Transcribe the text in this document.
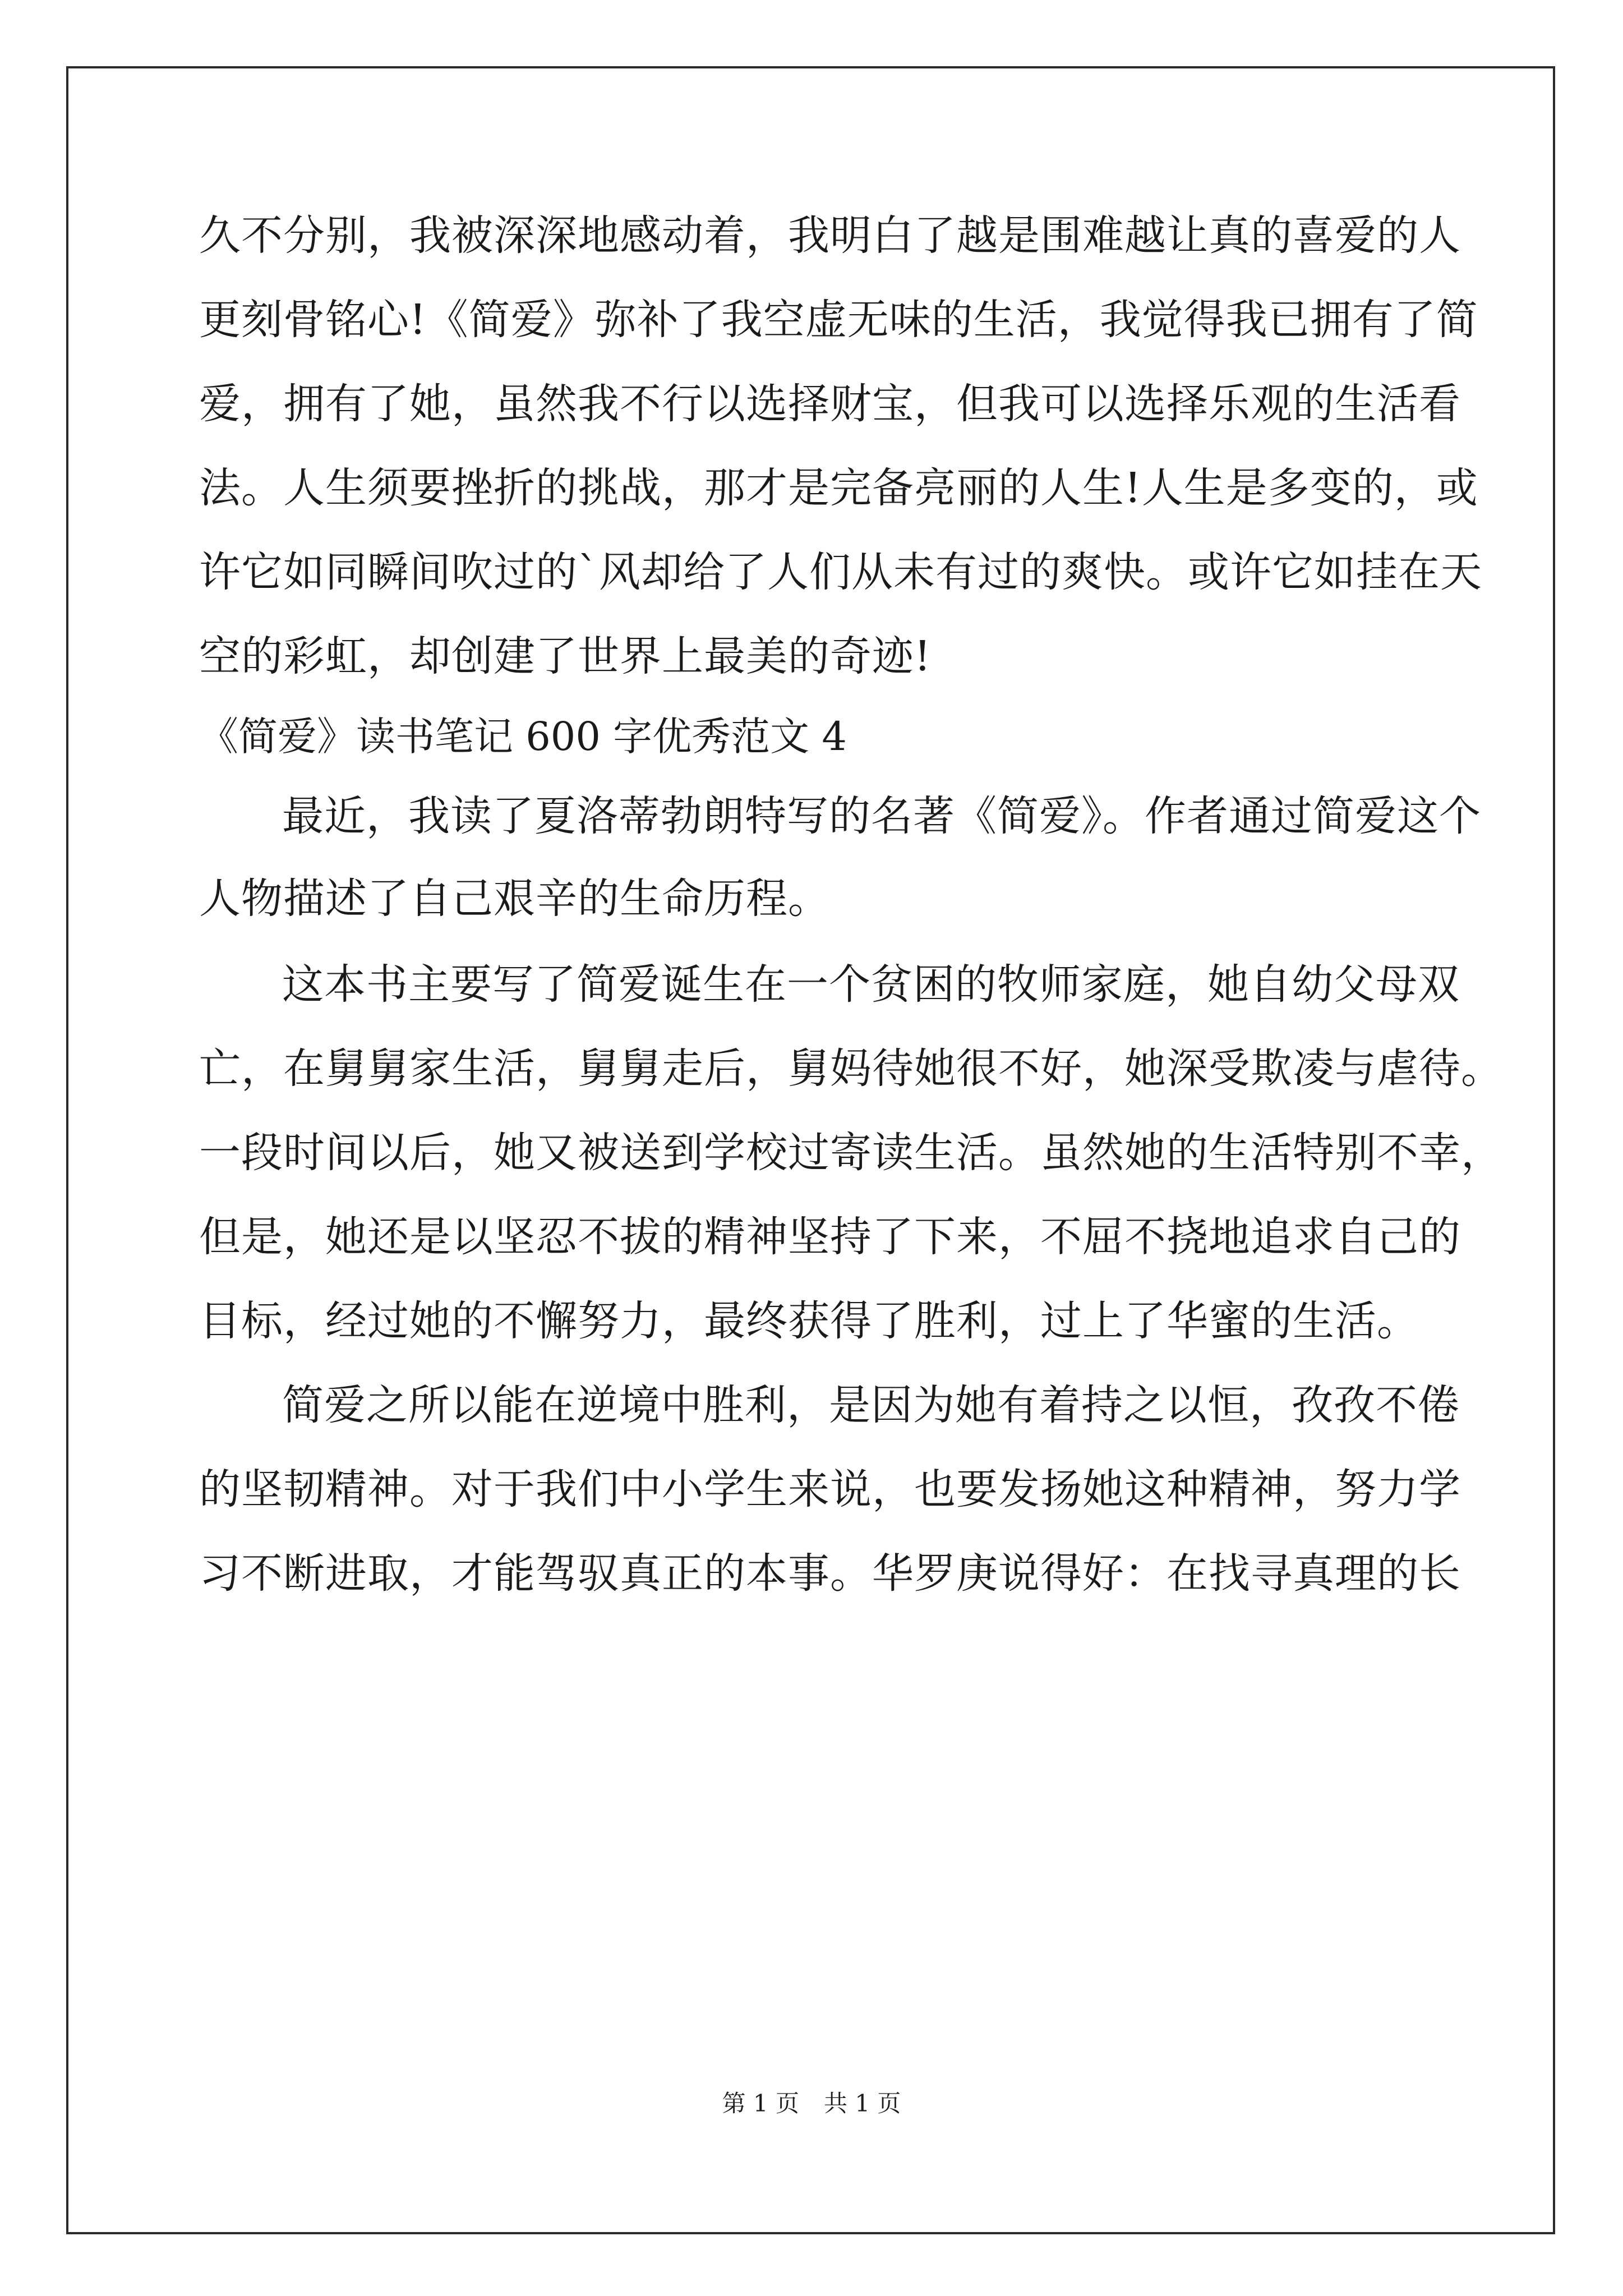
久不分别，我被深深地感动着，我明白了越是围难越让真的喜爱的人
更刻骨铭心!《简爱》弥补了我空虚无味的生活，我觉得我已拥有了简
爱，拥有了她，虽然我不行以选择财宝，但我可以选择乐观的生活看
法。人生须要挫折的挑战，那才是完备亮丽的人生!人生是多变的，或
许它如同瞬间吹过的`风却给了人们从未有过的爽快。或许它如挂在天
空的彩虹，却创建了世界上最美的奇迹!
《简爱》读书笔记 600 字优秀范文 4
最近，我读了夏洛蒂勃朗特写的名著《简爱》。作者通过简爱这个
人物描述了自己艰辛的生命历程。
这本书主要写了简爱诞生在一个贫困的牧师家庭，她自幼父母双
亡，在舅舅家生活，舅舅走后，舅妈待她很不好，她深受欺凌与虐待。
一段时间以后，她又被送到学校过寄读生活。虽然她的生活特别不幸，
但是，她还是以坚忍不拔的精神坚持了下来，不屈不挠地追求自己的
目标，经过她的不懈努力，最终获得了胜利，过上了华蜜的生活。
简爱之所以能在逆境中胜利，是因为她有着持之以恒，孜孜不倦
的坚韧精神。对于我们中小学生来说，也要发扬她这种精神，努力学
习不断进取，才能驾驭真正的本事。华罗庚说得好：在找寻真理的长
第 1 页 共 1 页
